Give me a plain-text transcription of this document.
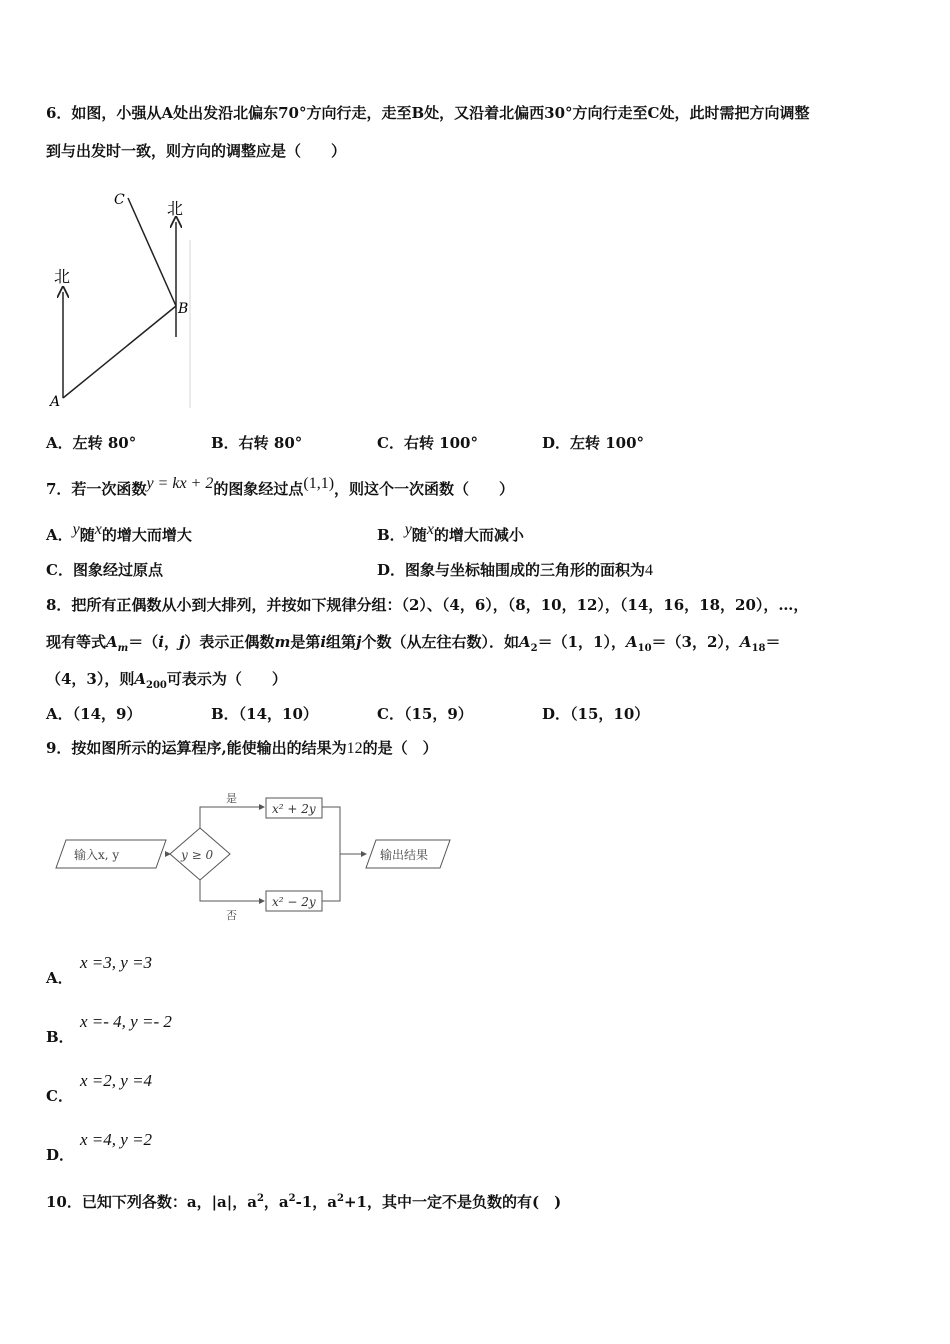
6．如图，小强从A处出发沿北偏东70°方向行走，走至B处，又沿着北偏西30°方向行走至C处，此时需把方向调整
到与出发时一致，则方向的调整应是（　　）
北
北
A
B
C
A．左转 80°	B．右转 80°	C．右转 100°	D．左转 100°
7．若一次函数y = kx + 2的图象经过点(1,1)，则这个一次函数（　　）
A．y随x的增大而增大	B．y随x的增大而减小
C．图象经过原点	D．图象与坐标轴围成的三角形的面积为4
8．把所有正偶数从小到大排列，并按如下规律分组：（2）、（4，6），（8，10，12），（14，16，18，20），…，
现有等式$A_m=(i$，j）表示正偶数m是第i组第j个数（从左往右数）．如$A_2=(1$，1），$A_{10}=(3$，2），$A_{18}=$
（4，3），则$A_{200}$可表示为（　　）
A．（14，9）	B．（14，10）	C．（15，9）	D．（15，10）
9．按如图所示的运算程序,能使输出的结果为12的是（　）
输入x, y	y ≥ 0
是
否
x² + 2y
x² − 2y
输出结果
A．
x =3, y =3
B．
x =- 4, y =- 2
C．
x =2, y =4
D．
x =4, y =2
10．已知下列各数：a，|a|，$a^2$，$a^2-1$，$a^2+1$，其中一定不是负数的有(　)
